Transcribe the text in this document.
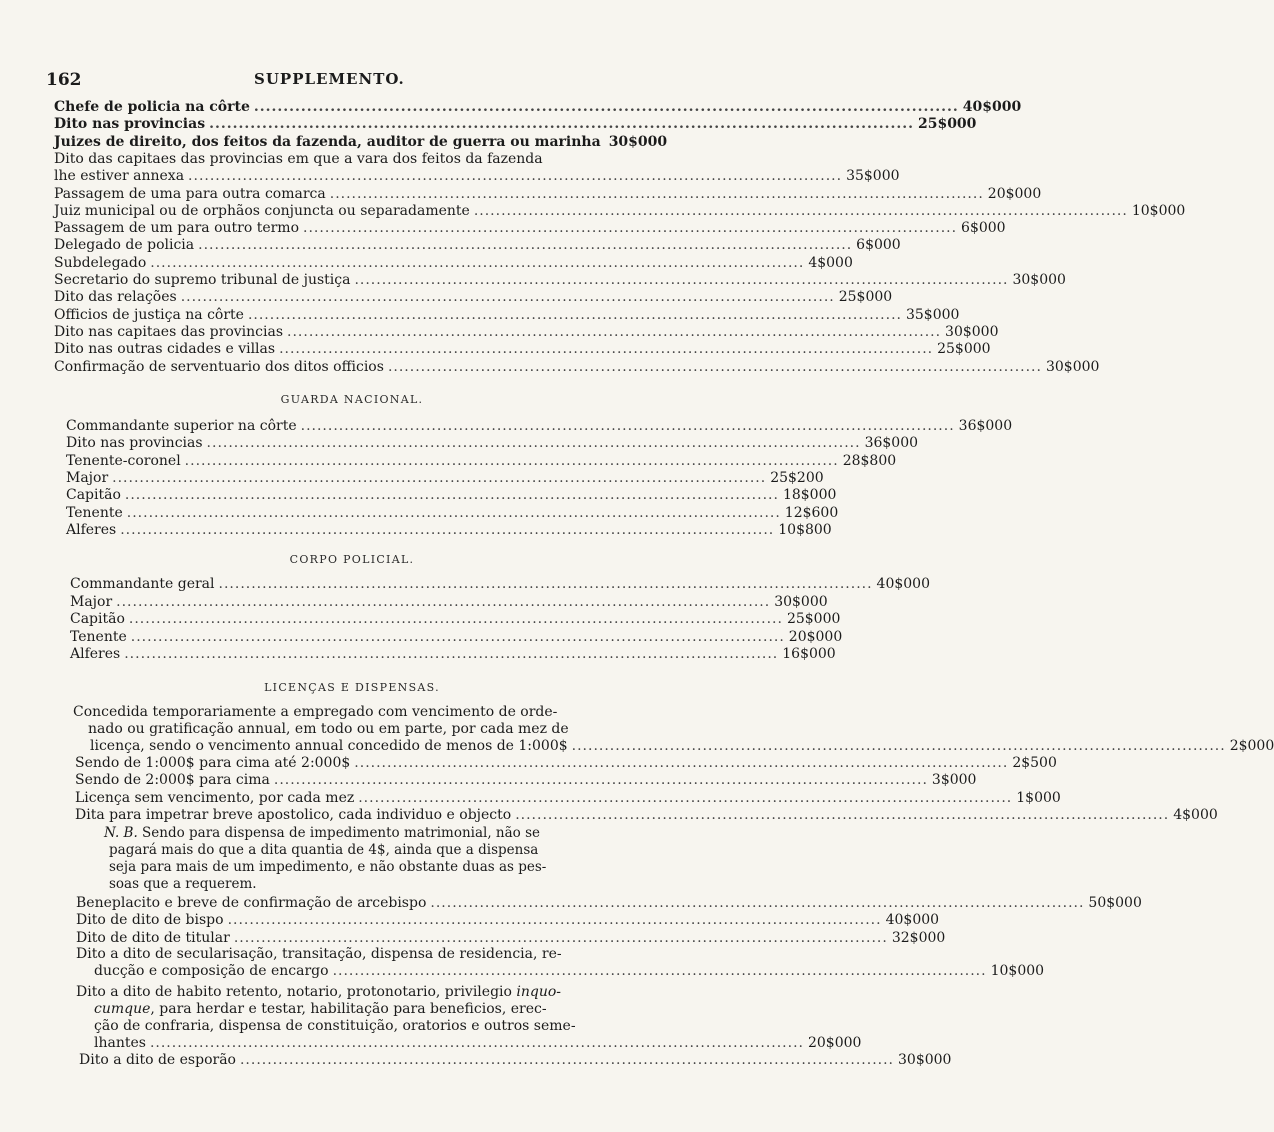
162	SUPPLEMENTO.
Chefe de policia na côrte ........................................................................................................................ 40$000
Dito nas provincias ........................................................................................................................ 25$000
Juizes de direito, dos feitos da fazenda, auditor de guerra ou marinha 30$000
Dito das capitaes das provincias em que a vara dos feitos da fazenda
lhe estiver annexa ........................................................................................................................ 35$000
Passagem de uma para outra comarca ........................................................................................................................ 20$000
Juiz municipal ou de orphãos conjuncta ou separadamente ........................................................................................................................ 10$000
Passagem de um para outro termo ........................................................................................................................ 6$000
Delegado de policia ........................................................................................................................ 6$000
Subdelegado ........................................................................................................................ 4$000
Secretario do supremo tribunal de justiça ........................................................................................................................ 30$000
Dito das relações ........................................................................................................................ 25$000
Officios de justiça na côrte ........................................................................................................................ 35$000
Dito nas capitaes das provincias ........................................................................................................................ 30$000
Dito nas outras cidades e villas ........................................................................................................................ 25$000
Confirmação de serventuario dos ditos officios ........................................................................................................................ 30$000
GUARDA NACIONAL.
Commandante superior na côrte ........................................................................................................................ 36$000
Dito nas provincias ........................................................................................................................ 36$000
Tenente-coronel ........................................................................................................................ 28$800
Major ........................................................................................................................ 25$200
Capitão ........................................................................................................................ 18$000
Tenente ........................................................................................................................ 12$600
Alferes ........................................................................................................................ 10$800
CORPO POLICIAL.
Commandante geral ........................................................................................................................ 40$000
Major ........................................................................................................................ 30$000
Capitão ........................................................................................................................ 25$000
Tenente ........................................................................................................................ 20$000
Alferes ........................................................................................................................ 16$000
LICENÇAS E DISPENSAS.
Concedida temporariamente a empregado com vencimento de orde-
nado ou gratificação annual, em todo ou em parte, por cada mez de
licença, sendo o vencimento annual concedido de menos de 1:000$ ........................................................................................................................ 2$000
Sendo de 1:000$ para cima até 2:000$ ........................................................................................................................ 2$500
Sendo de 2:000$ para cima ........................................................................................................................ 3$000
Licença sem vencimento, por cada mez ........................................................................................................................ 1$000
Dita para impetrar breve apostolico, cada individuo e objecto ........................................................................................................................ 4$000
N. B. Sendo para dispensa de impedimento matrimonial, não se
pagará mais do que a dita quantia de 4$, ainda que a dispensa
seja para mais de um impedimento, e não obstante duas as pes-
soas que a requerem.
Beneplacito e breve de confirmação de arcebispo ........................................................................................................................ 50$000
Dito de dito de bispo ........................................................................................................................ 40$000
Dito de dito de titular ........................................................................................................................ 32$000
Dito a dito de secularisação, transitação, dispensa de residencia, re-
ducção e composição de encargo ........................................................................................................................ 10$000
Dito a dito de habito retento, notario, protonotario, privilegio inquo-
cumque, para herdar e testar, habilitação para beneficios, erec-
ção de confraria, dispensa de constituição, oratorios e outros seme-
lhantes ........................................................................................................................ 20$000
Dito a dito de esporão ........................................................................................................................ 30$000
